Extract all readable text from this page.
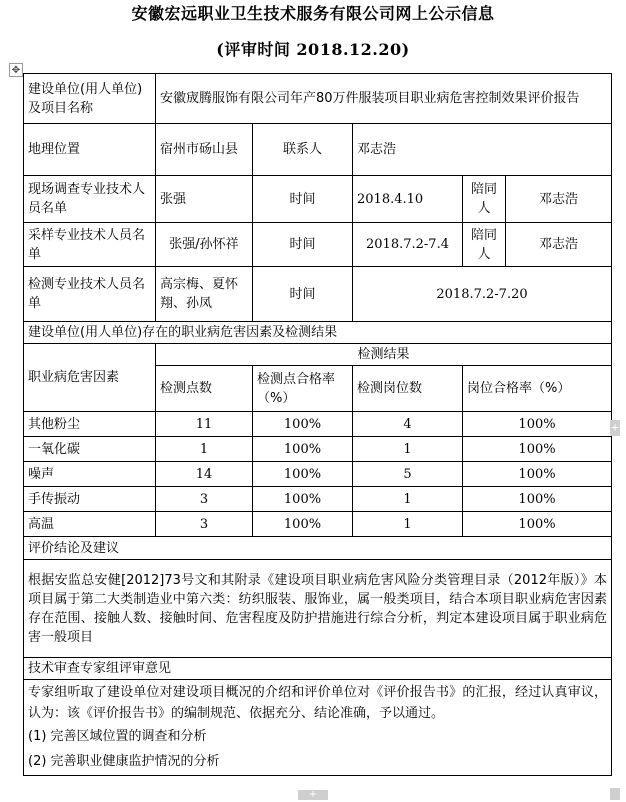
安徽宏远职业卫生技术服务有限公司网上公示信息
(评审时间 2018.12.20)
✥
建设单位(用人单位)及项目名称	安徽宬腾服饰有限公司年产80万件服装项目职业病危害控制效果评价报告				
地理位置	宿州市砀山县	联系人	邓志浩		
现场调查专业技术人员名单	张强	时间	2018.4.10	陪同人	邓志浩
采样专业技术人员名单	张强/孙怀祥	时间	2018.7.2-7.4	陪同人	邓志浩
检测专业技术人员名单	高宗梅、夏怀翔、孙凤	时间	2018.7.2-7.20		
建设单位(用人单位)存在的职业病危害因素及检测结果					
职业病危害因素	检测结果				
	检测点数	检测点合格率（%）	检测岗位数	岗位合格率（%）	
其他粉尘	11	100%	4	100%	
一氧化碳	1	100%	1	100%	
噪声	14	100%	5	100%	
手传振动	3	100%	1	100%	
高温	3	100%	1	100%	
评价结论及建议					
根据安监总安健[2012]73号文和其附录《建设项目职业病危害风险分类管理目录（2012年版）》本项目属于第二大类制造业中第六类：纺织服装、服饰业，属一般类项目，结合本项目职业病危害因素存在范围、接触人数、接触时间、危害程度及防护措施进行综合分析，判定本建设项目属于职业病危害一般项目					
技术审查专家组评审意见					

专家组听取了建设单位对建设项目概况的介绍和评价单位对《评价报告书》的汇报，经过认真审议，认为：该《评价报告书》的编制规范、依据充分、结论准确，予以通过。
(1) 完善区域位置的调查和分析
(2) 完善职业健康监护情况的分析					
+
+
